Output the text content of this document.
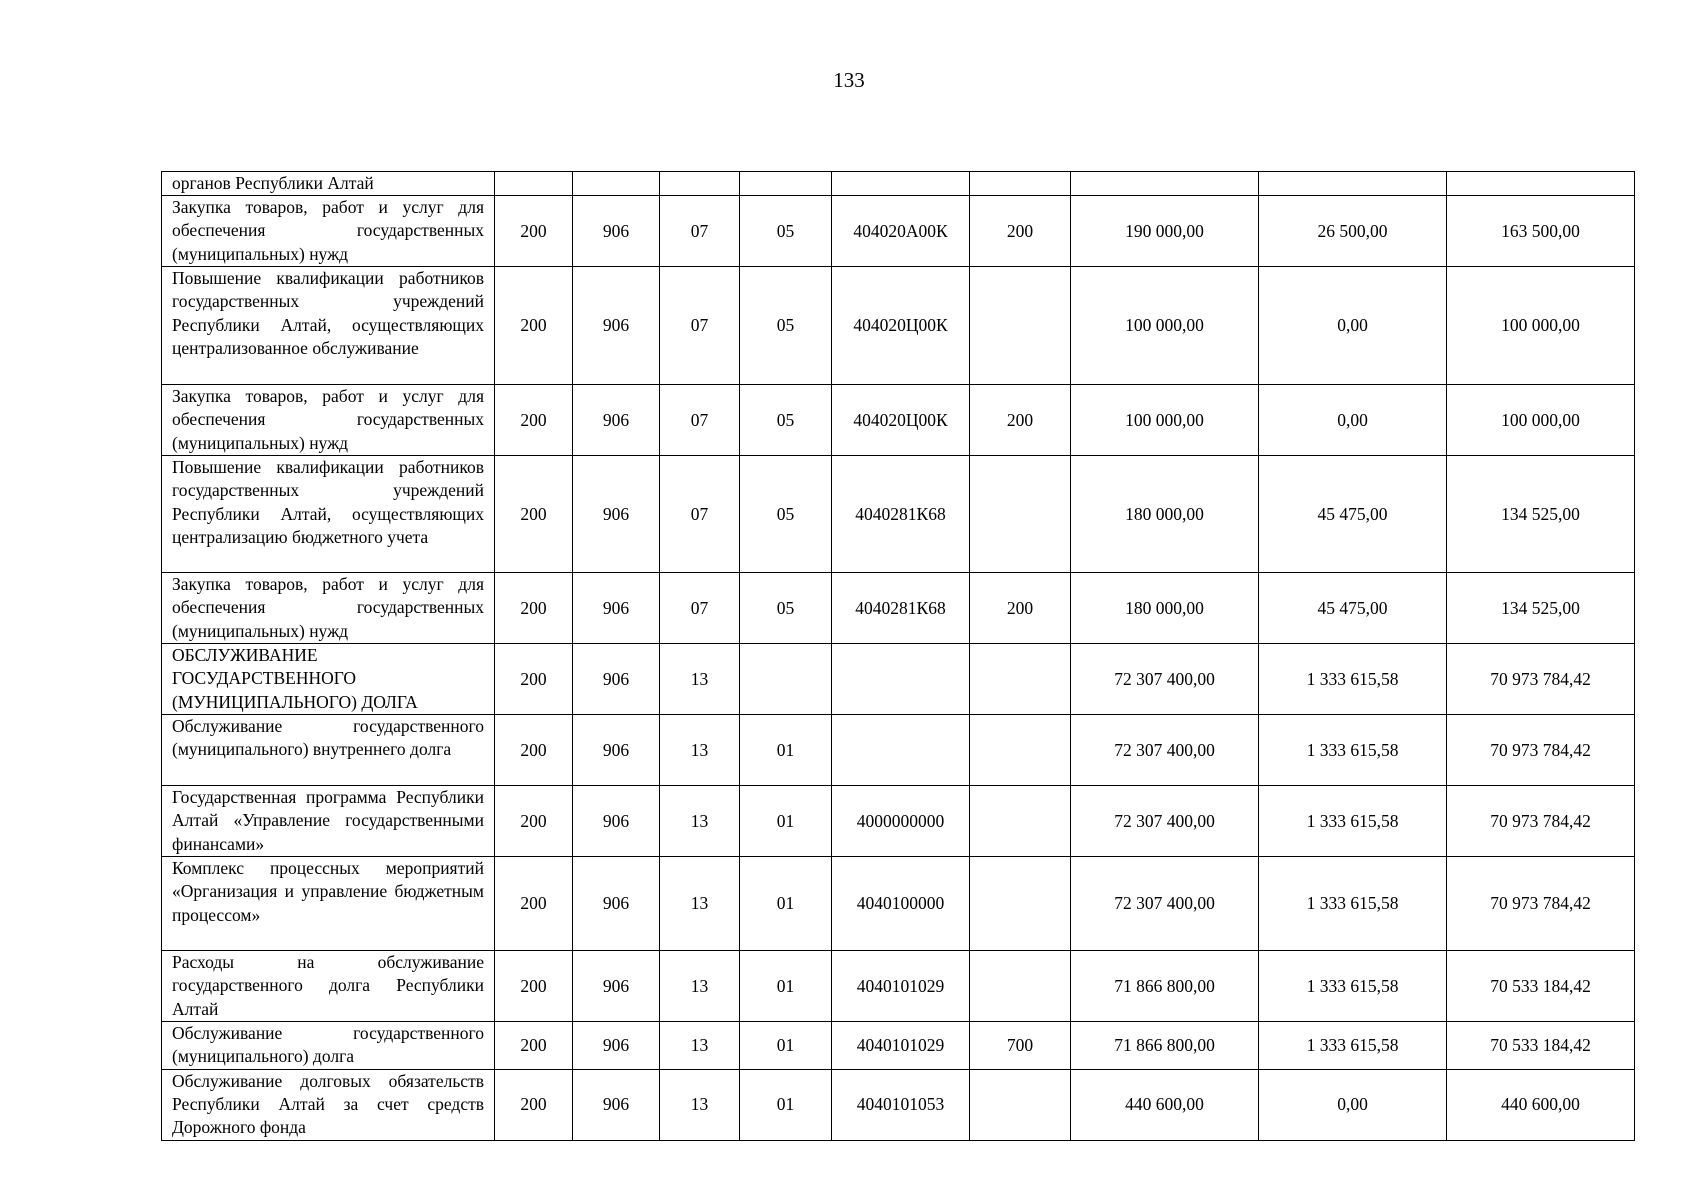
133
органов Республики Алтай									
Закупка товаров, работ и услуг для обеспечения государственных (муниципальных) нужд	200	906	07	05	404020А00К	200	190 000,00	26 500,00	163 500,00
Повышение квалификации работников государственных учреждений Республики Алтай, осуществляющих централизованное обслуживание	200	906	07	05	404020Ц00К		100 000,00	0,00	100 000,00
Закупка товаров, работ и услуг для обеспечения государственных (муниципальных) нужд	200	906	07	05	404020Ц00К	200	100 000,00	0,00	100 000,00
Повышение квалификации работников государственных учреждений Республики Алтай, осуществляющих централизацию бюджетного учета	200	906	07	05	4040281К68		180 000,00	45 475,00	134 525,00
Закупка товаров, работ и услуг для обеспечения государственных (муниципальных) нужд	200	906	07	05	4040281К68	200	180 000,00	45 475,00	134 525,00
ОБСЛУЖИВАНИЕ ГОСУДАРСТВЕННОГО (МУНИЦИПАЛЬНОГО) ДОЛГА	200	906	13				72 307 400,00	1 333 615,58	70 973 784,42
Обслуживание государственного (муниципального) внутреннего долга	200	906	13	01			72 307 400,00	1 333 615,58	70 973 784,42
Государственная программа Республики Алтай «Управление государственными финансами»	200	906	13	01	4000000000		72 307 400,00	1 333 615,58	70 973 784,42
Комплекс процессных мероприятий «Организация и управление бюджетным процессом»	200	906	13	01	4040100000		72 307 400,00	1 333 615,58	70 973 784,42
Расходы на обслуживание государственного долга Республики Алтай	200	906	13	01	4040101029		71 866 800,00	1 333 615,58	70 533 184,42
Обслуживание государственного (муниципального) долга	200	906	13	01	4040101029	700	71 866 800,00	1 333 615,58	70 533 184,42
Обслуживание долговых обязательств Республики Алтай за счет средств Дорожного фонда	200	906	13	01	4040101053		440 600,00	0,00	440 600,00
